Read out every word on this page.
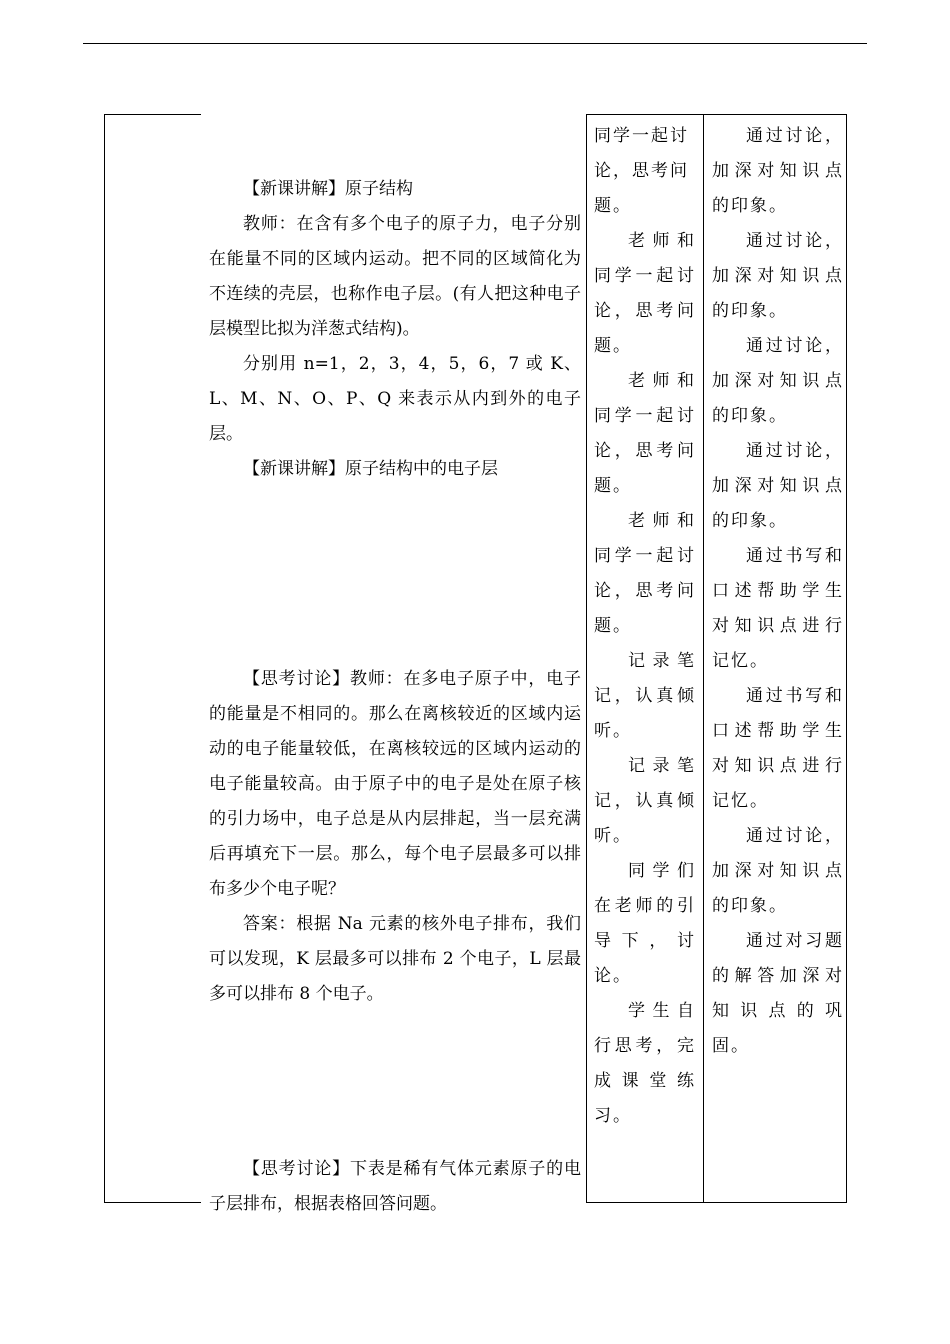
【新课讲解】原子结构

教师：在含有多个电子的原子力，电子分别在能量不同的区域内运动。把不同的区域简化为不连续的壳层，也称作电子层。(有人把这种电子层模型比拟为洋葱式结构)。

分别用 n=1，2，3，4，5，6，7 或 K、L、M、N、O、P、Q 来表示从内到外的电子层。

【新课讲解】原子结构中的电子层

【思考讨论】教师：在多电子原子中，电子的能量是不相同的。那么在离核较近的区域内运动的电子能量较低，在离核较远的区域内运动的电子能量较高。由于原子中的电子是处在原子核的引力场中，电子总是从内层排起，当一层充满后再填充下一层。那么，每个电子层最多可以排布多少个电子呢？

答案：根据 Na 元素的核外电子排布，我们可以发现，K 层最多可以排布 2 个电子，L 层最多可以排布 8 个电子。

【思考讨论】下表是稀有气体元素原子的电子层排布，根据表格回答问题。

同学一起讨论，思考问题。

老师和同学一起讨论，思考问题。

老师和同学一起讨论，思考问题。

老师和同学一起讨论，思考问题。

记录笔记，认真倾听。

记录笔记，认真倾听。

同学们在老师的引导下，讨论。

学生自行思考，完成课堂练习。

通过讨论，加深对知识点的印象。

通过讨论，加深对知识点的印象。

通过讨论，加深对知识点的印象。

通过讨论，加深对知识点的印象。

通过书写和口述帮助学生对知识点进行记忆。

通过书写和口述帮助学生对知识点进行记忆。

通过讨论，加深对知识点的印象。

通过对习题的解答加深对知识点的巩固。
